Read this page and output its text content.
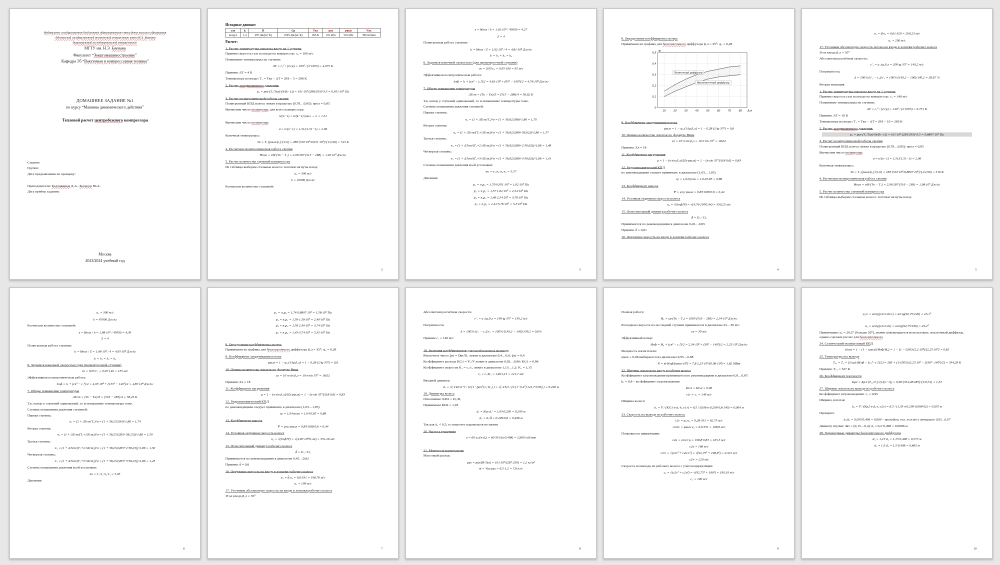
Федеральное государственное бюджетное образовательное учреждение высшего образования
«Московский государственный технический университет имени Н.Э. Баумана
(национальный исследовательский университет)»
МГТУ им. Н.Э. Баумана
Факультет “Энергомашиностроение”
Кафедра Э5 “Вакуумная и компрессорная техника”
ДОМАШНЕЕ ЗАДАНИЕ №1
по курсу “Машины динамического действия”
Тепловой расчет центробежного компрессора
Студент:
Группа:
Дата предъявления на проверку:
Преподаватели: Калашников Д.А., Борисов Ю.А.
Дата приёма задания:
Москва
2023/2024 учебный год
Исходные данные:
газ	k	R	Cp	Tвх	pвх	pвых	Vвх
воздух	1,4	287 Дж/(кг·К)	1005 Дж/(кг·К)	293 К	101 кПа	510 кПа	390 м³/мин
Расчет:
1. Расчет температуры смеси на входе на 1 ступень
Примем скорость газа на входе на компрессор: c₀ = 100 м/с
Понижение температуры на ступени:
ΔT = c₀² / (2·cp) = 100² / (2·1005) = 4,975 К
Примем: ΔT = 4 К
Температура на входе: T₁ = Tвх − ΔT = 293 − 5 = 288 К
2. Расчет заторможенного давления:
p₁ = pвх·(T₁/Tвх)^(k/(k−1)) = 101·10³·(288/293)^3,5 = 0,951·10⁵ Па
3. Расчет политропической работы сжатия
Политропный КПД колеса лежит в пределах (0,78…0,85): ηпол = 0,85
Вычислим число политропы, для всего компрессора:
n/(n−1) = k/(k−1)·ηпол → n = 1,51
Вычислим число политропы:
σ = n/(n−1) = 1,51/(1,51−1) = 2,96
Конечная температура:
Tк = T₁·(pвых/p₁)^(1/σ) = 288·(510·10³/0,951·10⁵)^(1/2,96) = 515 К
4. Расчетная политропическая работа сжатия
Hпол = σ·R·(Tк − T₁) = 2,96·287·(515 − 288) = 1,92·10⁵ Дж/кг
5. Расчет количества ступеней компрессора
Из таблицы выберем стальные колеса: лопатки загнуты назад
u₂ = 300 м/с
h = 45000 Дж/кг
Расчитаем количество ступеней:
2
z = Hпол / h = 1,92·10⁵ / 45000 = 4,27
Z = 4
Политропная работа ступени:
hᵢ = Hпол / Z = 1,92·10⁵ / 4 = 4,81·10⁴ Дж/кг
hᵢ = h₁ = h₂ = h₃
6. Задаемся конечной скоростью (для промежуточной ступени)
cк = 0,95·c₀ = 0,95·100 = 95 м/с
Эффективная политропическая работа:
hэф = hᵢ + (cк² − c₀²)/2 = 4,81·10⁴ + (95² − 100²)/2 = 4,76·10⁴ Дж/кг
7. Общее повышение температуры
ΔTст = (Tк − Tн)/Z = (515 − 288)/4 = 56,62 К
Т.к. напор у ступеней одинаковый, то и повышение температуры тоже.
Степень повышения давления ступеней:
Первая ступень:
π₁ = (1 + ΔTст/T₁)^σ = (1 + 56,62/288)^1,86 = 1,70
Вторая ступень:
π₂ = (1 + ΔTст/(T₁+ΔTст))^σ = (1 + 56,62/(288+56,62))^1,86 = 1,57
Третья ступень:
π₃ = (1 + ΔTст/(T₁+2·ΔTст))^σ = (1 + 56,62/(288+2·56,62))^1,86 = 1,48
Четвертая ступень:
π₄ = (1 + ΔTст/(T₁+3·ΔTст))^σ = (1 + 56,62/(288+3·56,62))^1,86 = 1,41
Степень повышения давления всей установки:
πк = π₁·π₂·π₃·π₄ = 5,57
Давления
p₁ = π₁p₀ = 1,70·0,951·10⁵ = 1,62·10⁵ Па
p₂ = π₂p₁ = 1,57·1,62·10⁵ = 2,54·10⁵ Па
p₃ = π₃p₂ = 1,48·2,54·10⁵ = 3,76·10⁵ Па
p₄ = π₄p₃ = 1,41·3,76·10⁵ = 5,3·10⁵ Па
3
8. Определение коэффициента потерь
Принимаем из графика для безлопаточного диффузора β₂л = 35°: φ₂ = 0,28
10 20 30 40 50 60 70 80
0
0,1
0,2
0,3
0,4
0,5
Лопаточный диффузор
Безлопаточный диффузор
φ₂
β₂л
9. Коэффициент закручивания потока
φвых = 1 − φ₂·(1/tg β₂л) = 1 − 0,28·(1/tg 35°) = 0,6
10. Оценка количества лопаток по формуле Вина
zл = 10·π·sin β₂л = 10·π·sin 35° = 18,02
Примем: Zл = 18
11. Коэффициент нагружения
μ = 1 − (π·sin β₂л)/(Zл·φвых) = 1 − (π·sin 35°)/(18·0,6) = 0,83
12. Гидромеханический КПД
по рекомендациям следует принимать в диапазоне (1,03…1,05)
ηг = 1,04·ηпол = 1,04·0,85 = 0,88
13. Коэффициент напора
Ψ = μ·ηг·φвых = 0,83·0,88·0,6 = 0,44
14. Условная окружная скорость колеса
u₂ = √(hэф/Ψ) = √(4,76·10⁴/0,44) = 330,25 м/с
15. Относительный диаметр рабочего колеса
d̄ = D₁ / D₂
Принимается по рекомендациям в диапазоне 0,45…0,65
Примем: d̄ = 0,61
16. Окружная скорость на входе в лопатки рабочего колеса
4
u₁ = d̄·u₂ = 0,61·329 = 200,23 м/с
u₁ = 200 м/с
17. Уточняем абсолютную скорость потока на входе в лопатки рабочего колеса
Угол входа β₁л = 35°
Абсолютная расчётная скорость:
c′₁ = u₁·tg β₁л = 200·tg 35° = 140,2 м/с
Погрешность:
Δ = 100%·(c′₁ − c₁)/c′₁ = 100%·(140,2 − 100)/140,2 = 28,67 %
Вторая итерация
1. Расчет температуры смеси на входе на 1 ступень
Примем скорость газа на входе на компрессор: c₁ = 140 м/с
Понижение температуры на ступени:
ΔT = c₁² / (2·cp) = 140² / (2·1005) = 9,751 К
Примем: ΔT = 10 К
Температура на входе: T₁ = Tвх − ΔT = 293 − 10 = 283 К
2. Расчет заторможенного давления:
p₁ = pвх·(T₁/Tвх)^(k/(k−1)) = 101·10³·(283/293)^3,5 = 0,8897·10⁵ Па
3. Расчет политропической работы сжатия
Политропный КПД колеса лежит в пределах (0,78…0,85): ηпол = 0,85
Вычислим число политропы:
σ = n/(n−1) = 1,51/(1,51−1) = 2,96
Конечная температура:
Tк = T₁·(pвых/p₁)^(1/σ) = 283·(510·10³/0,8897·10⁵)^(1/2,96) = 516 К
4. Расчетная политропическая работа сжатия
Hпол = σ·R·(Tк − T₁) = 2,96·287·(516 − 283) = 1,98·10⁵ Дж/кг
5. Расчет количества ступеней компрессора
Из таблицы выберем стальные колеса: лопатки загнуты назад
5
u₂ = 300 м/с
h = 45000 Дж/кг
Расчитаем количество ступеней:
z = Hпол / h = 1,98·10⁵ / 45000 = 4,39
Z = 4
Политропная работа ступени:
hᵢ = Hпол / Z = 1,98·10⁵ / 4 = 4,95·10⁴ Дж/кг
hᵢ = h₁ = h₂ = h₃
6. Задаемся конечной скоростью (для промежуточной ступени)
cк = 0,95·c₁ = 0,95·140 = 133 м/с
Эффективная политропическая работа:
hэф = hᵢ + (cк² − c₁²)/2 = 4,95·10⁴ + (133² − 140²)/2 = 4,85·10⁴ Дж/кг
7. Общее повышение температуры
ΔTст = (Tк − Tн)/Z = (516 − 283)/4 = 58,25 К
Т.к. напор у ступеней одинаковый, то и повышение температуры тоже.
Степень повышения давления ступеней:
Первая ступень:
π₁ = (1 + ΔTст/T₁)^σ = (1 + 58,25/283)^1,86 = 1,74
Вторая ступень:
π₂ = (1 + ΔTст/(T₁+ΔTст))^σ = (1 + 58,25/(283+58,25))^1,86 = 1,59
Третья ступень:
π₃ = (1 + ΔTст/(T₁+2·ΔTст))^σ = (1 + 58,25/(283+2·58,25))^1,86 = 1,50
Четвертая ступень:
π₄ = (1 + ΔTст/(T₁+3·ΔTст))^σ = (1 + 58,25/(283+3·58,25))^1,86 = 1,43
Степень повышения давления всей установки:
πк = π₁·π₂·π₃·π₄ = 5,93
Давления
6
p₁ = π₁p₀ = 1,74·0,8897·10⁵ = 1,58·10⁵ Па
p₂ = π₂p₁ = 1,59·1,58·10⁵ = 2,49·10⁵ Па
p₃ = π₃p₂ = 1,50·2,49·10⁵ = 3,74·10⁵ Па
p₄ = π₄p₃ = 1,43·3,74·10⁵ = 5,35·10⁵ Па
8. Определение коэффициента потерь
Принимаем из графика для безлопаточного диффузора β₂л = 35°: φ₂ = 0,28
9. Коэффициент закручивания потока
φвых = 1 − φ₂·(1/tg β₂л) = 1 − 0,28·(1/tg 35°) = 0,6
10. Оценка количества лопаток по формуле Вина
zл = 10·π·sin β₂л = 10·π·sin 35° = 18,02
Примем: Zл = 18
11. Коэффициент нагружения
μ = 1 − (π·sin β₂л)/(Zл·φвых) = 1 − (π·sin 35°)/(18·0,6) = 0,83
12. Гидромеханический КПД
по рекомендациям следует принимать в диапазоне (1,03…1,05)
ηг = 1,04·ηпол = 1,04·0,85 = 0,88
13. Коэффициент напора
Ψ = μ·ηг·φвых = 0,83·0,88·0,6 = 0,44
14. Условная окружная скорость колеса
u₂ = √(hэф/Ψ) = √(4,85·10⁴/0,44) = 331,26 м/с
15. Относительный диаметр рабочего колеса
d̄ = D₁ / D₂
Принимается по рекомендациям в диапазоне 0,45…0,62
Примем: d̄ = 0,6
16. Окружная скорость на входе в лопатки рабочего колеса
u₁ = d̄·u₂ = 0,6·331 = 198,76 м/с
u₁ = 199 м/с
17. Уточняем абсолютную скорость на входе в лопатки рабочего колеса
Угол входа β₁л = 35°
7
Абсолютная расчётная скорость:
c′₁ = u₁·tg β₁л = 199·tg 35° = 139,2 м/с
Погрешность:
Δ = 100%·(c′₁ − c₁)/c′₁ = 100%·(139,2 − 140)/139,2 = 0,6%
Примем c₁ = 140 м/с
18. Значения коэффициентов для расчёта колеса на входе
Втулочное число ξвт = Dвт/D₁ лежит в диапазоне 0,4…0,6: ξвт = 0,4
Коэффициент расхода KG1 = V̇₁/V̇ лежит в диапазоне 0,92…0,96: KG1 = 0,96
Коэффициент скорости K₁ = c₁/c₀ лежит в диапазоне 1,13…1,2: K₁ = 1,15
c₀ = c₁/K₁ = 140/1,15 = 121,7 м/с
Входной диаметр:
d₁ = √( 4·KG1·V̇ / (π·(1−ξвт²)·c₀·K₁) ) = √( 4·6,5 / (π·(1−0,4²)·121,7·0,96) ) = 0,290 м
19. Диаметры колеса
Отношение: KD2 = D₂/D₁
Принимаем KD2 = 1,03
d₁ = Kвх·d₁′ = 1,03·0,290 = 0,299 м
d₂ = d₁/d̄ = 0,299/0,6 = 0,498 м
Так как d₂ < 0,5, то пересчет параметров не нужен
20. Частота вращения
n = 60·u₂/(π·d₂) = 60·331/(π·0,498) = 12693 об/мин
21. Мощность нагнетателя:
Массовый расход:
ρвх = pвх/(R·Tвх) = 101·10³/(287·293) = 1,2 кг/м³
ṁ = Vвх·ρвх = 6,5·1,2 = 7,8 кг/с
8
Полная работа:
H₀ = cp·(Tк − T₁) = 1005·(516 − 283) = 2,34·10⁵ Дж/кг
Расходная скорость на последней ступени принимается в диапазоне 25…30 м/с
cк = 30 м/с
Эффективный напор:
Hэф = H₀ + (cк² − c₁²)/2 = 2,34·10⁵ + (30² − 140²)/2 = 2,25·10⁵ Дж/кг
Мощность нагнетателя:
ηмех = 0,96 выбирается из диапазона 0,95…0,98
N = ṁ·Hэф/(ηмех·10³) = 7,8·2,25·10⁵/(0,96·10³) = 1,82 МВт
22. Ширина лопаток на входе в рабочее колесо
Коэффициент загромождения принимается по рекомендациям в диапазоне 0,8…0,87:
k₁ = 0,8 – коэффициент загромождения
KG1 = KG2 = 0,96
c1r = c₁ = 140 м/с
Ширина колеса:
b₁ = V̇ / (KG1·π·d₁·k₁·c1r) = 6,5 / (0,96·π·0,299·0,8·140) = 0,064 м
23. Скорость на выходе из рабочего колеса
c2r = φ₂·u₂ = 0,28·331 = 92,75 м/с
c2u∞ = φвых·u₂ = 0,6·331 = 198,8 м/с
Поправка на циркуляцию:
c2u = c2u∞·μ = 198,8·0,83 = 165,5 м/с
c2u = 166 м/с
c2∞ = √(c2r² + c2u∞²) = √(92,75² + 198,8²) = 219,5 м/с
c2∞ = 220 м/с
Скорость на выходе из рабочего колеса с учетом циркуляции:
c₂ = √(c2r² + c2u²) = √(92,75² + 166²) = 190,19 м/с
c₂ = 190 м/с
9
α₂∞ = arctg(c2r/c2u∞) = arctg(92,75/220) = 23,1°
α₂ = arctg(c2r/c2u) = arctg(92,75/166) = 29,2°
Примечание: α₂ = 29,2° (больше 20°), значит рекомендуется использовать лопаточный диффузор, однако сделаем расчет для безлопаточного
24. Статический политропный КПД
η′пол = 1 − (1 − ηпол)·(Hэф/H₀) = 1 − (1 − 0,85)·(2,2·10⁴)/(2,25·10⁵) = 0,82
25. Температура на выходе
T₀₂ = T₁ + (1/cp)·(Hэф − (c₂²−c₁²)/2) = 283 + (1/1005)·(2,25·10⁵ − (190²−140²)/2) = 334,28 К
Примем: T₀₂ = 327 К
26. Коэффициент плотности
Kρ2 = Kρ1·(T₀₂/T₁)^(1/(n−1)) = 0,96·(334,28/283)^(1/0,51) = 1,33
27. Ширина лопаток на выходе из рабочего колеса
Коэффициент загромождения: τ₂ = 0,95
Ширина лопаток:
b₂ = V̇ / (Kρ2·π·d₂·τ₂·c2r) = 6,5 / (1,33·π·0,299·0,698·92) = 0,035 м
Проверка:
b₂/d₂ = 0,035/0,498 = 0,069 – проходит, т.к. лежит в интервале 0,03…0,07
Диаметр втулки: dвт = (0,15…0,4)·d₂ = 0,2·0,498 = 0,0996 м
28. Характерные диаметры безлопаточного диффузора
d₃ = 1,15·d₂ = 1,15·0,498 = 0,573 м
d₄ = 1,5·d₂ = 1,5·0,498 = 0,863 м
10
